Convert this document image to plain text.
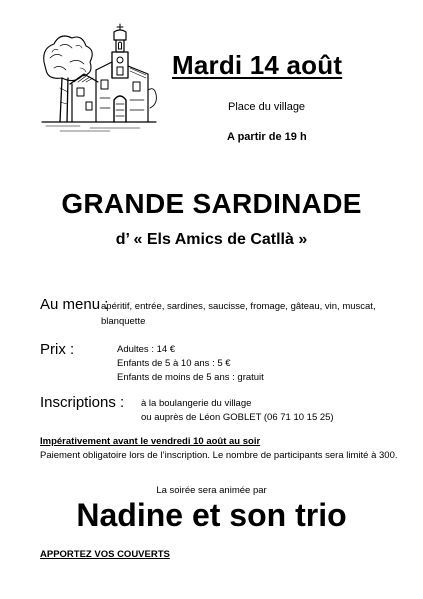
Mardi 14 août
Place du village
A partir de 19 h
GRANDE SARDINADE
d’ « Els Amics de Catllà »
Au menu :
apéritif, entrée, sardines, saucisse, fromage, gâteau, vin, muscat,
blanquette
Prix :	Adultes : 14 €
Enfants de 5 à 10 ans : 5 €
Enfants de moins de 5 ans : gratuit
Inscriptions : à la boulangerie du village
ou auprès de Léon GOBLET (06 71 10 15 25)
Impérativement avant le vendredi 10 août au soir
Paiement obligatoire lors de l’inscription. Le nombre de participants sera limité à 300.
La soirée sera animée par
Nadine et son trio
APPORTEZ VOS COUVERTS
